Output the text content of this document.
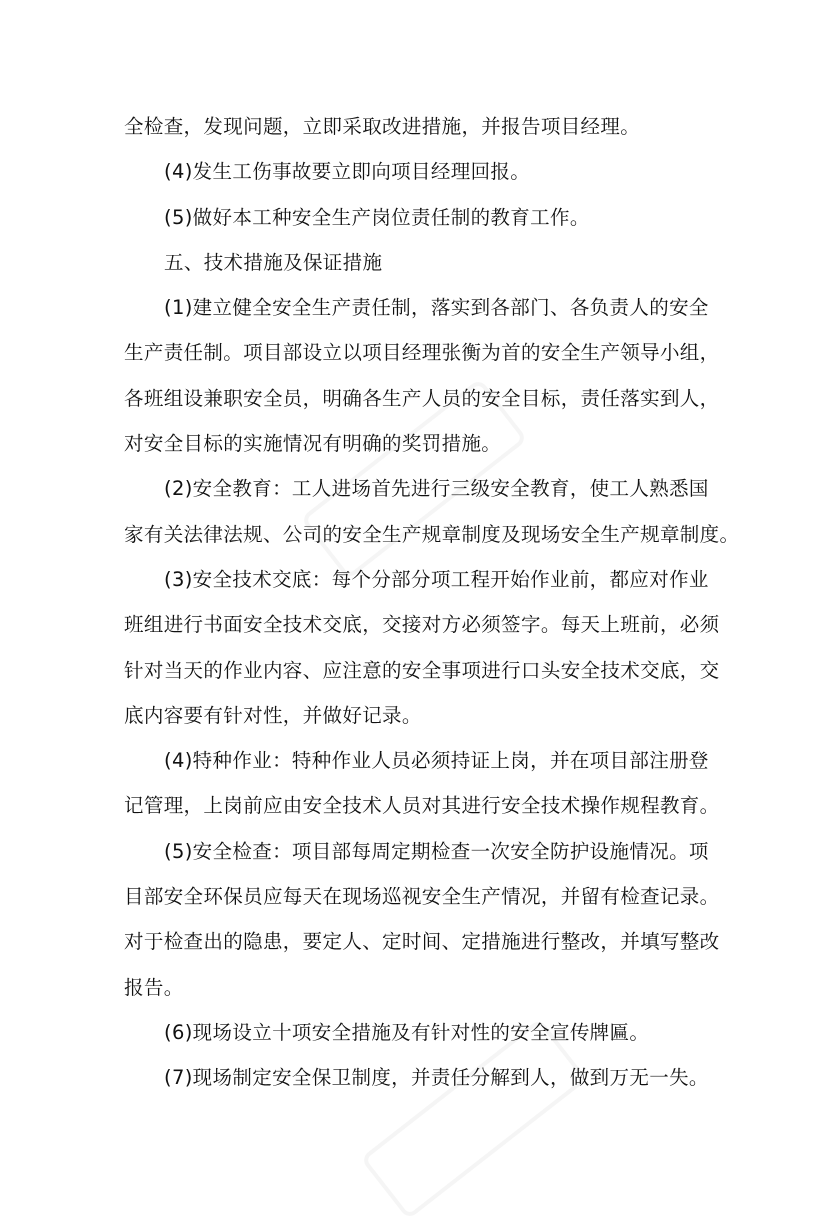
全检查，发现问题，立即采取改进措施，并报告项目经理。
(4)发生工伤事故要立即向项目经理回报。
(5)做好本工种安全生产岗位责任制的教育工作。
五、技术措施及保证措施
(1)建立健全安全生产责任制，落实到各部门、各负责人的安全
生产责任制。项目部设立以项目经理张衡为首的安全生产领导小组，
各班组设兼职安全员，明确各生产人员的安全目标，责任落实到人，
对安全目标的实施情况有明确的奖罚措施。
(2)安全教育：工人进场首先进行三级安全教育，使工人熟悉国
家有关法律法规、公司的安全生产规章制度及现场安全生产规章制度。
(3)安全技术交底：每个分部分项工程开始作业前，都应对作业
班组进行书面安全技术交底，交接对方必须签字。每天上班前，必须
针对当天的作业内容、应注意的安全事项进行口头安全技术交底，交
底内容要有针对性，并做好记录。
(4)特种作业：特种作业人员必须持证上岗，并在项目部注册登
记管理，上岗前应由安全技术人员对其进行安全技术操作规程教育。
(5)安全检查：项目部每周定期检查一次安全防护设施情况。项
目部安全环保员应每天在现场巡视安全生产情况，并留有检查记录。
对于检查出的隐患，要定人、定时间、定措施进行整改，并填写整改
报告。
(6)现场设立十项安全措施及有针对性的安全宣传牌匾。
(7)现场制定安全保卫制度，并责任分解到人，做到万无一失。
